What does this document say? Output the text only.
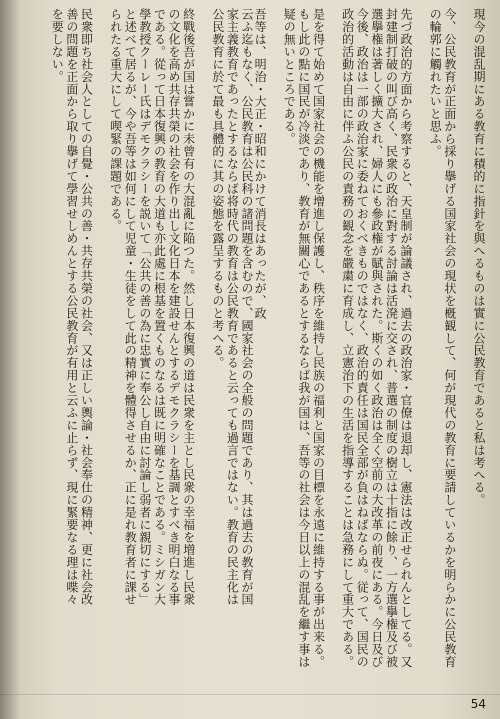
現今の混乱期にある教育に積的に指針を與へるものは實に公民教育であると私は考へる。

今、公民教育が正面から採り擧げる国家社会の現状を槪観して、何が現代の教育に要請しているかを明らかに公民教育の輪郭に觸れたいと思ふ。

先づ政治的方面から考察すると、天皇制が論議され、過去の政治家・官僚は退却し、憲法は改正せられんとしてる。又封建制打破の叫び高く、民衆の政治に對する討論は活溌に交され、普選の制度の樹立は十指に餘り、一方選擧権及び被選擧権は著しく擴大され、婦人にも參政権が賦與された。斯くの如く政治は全く空前の大改革の前夜にある。今日及び今後、政治は一部の政治家に委ねておくべきものではなく、政治的責任は国民全部が負はねばならぬ。従って、国民の政治的活動は自由に伴ふ公民の責務の観念を嚴粛に育成し、立憲治下の生活を指導することは急務にして重大である。

是を得て始めて国家社会の機能を增進し保護し、秩序を維持し民族の福利と国家の目標を永遠に維持する事が出来る。もし此の點に国民が冷淡であり、教育が無關心であるとするならば我が国は、吾等の社会は今日以上の混乱を繼す事は疑の無いところである。

吾等は、明治・大正・昭和にかけて消長はあったが、政
云ふ迄もなく、公民教育は公民科の諸問題を含むので、國家社会の全般の問題であり、其は過去の教育が国家主義教育であったとするならば将時代の教育は公民教育であると云っても過言ではない。教育の民主化は公民教育に於て最も具體的に其の姿態を露呈するものと考へる。

終戰後吾が国は嘗かに未曾有の大混亂に陥つた。然し日本復興の道は民衆を主とし民衆の幸福を増進し民衆の文化を高め共存共榮の社会を作り出し文化日本を建設せんとするデモクラシーを基調とすべき明白なる事である。從って日本復興の教育の大道も亦此處に根基を置くものなるは既に明確なことである。ミシガン大學教授クーレー氏はデモクラシーを説いて「公共の善の為に忠實に奉公し自由に討論し弱者に親切にする」と述べて居るが、今や吾等は如何にして児童・生徒をして此の精神を體得させるか、正に是れ教育者に課せられたる重大にして喫緊の課題である。

民衆即ち社会人としての自覺・公共の善・共存共榮の社会、又は正しい輿論・社会奉仕の精神、更に社会改善の問題を正面から取り擧げて學習せしめんとする公民教育が有用と云ふに止らず、現に緊要なる理は喋々を要しない。
54
